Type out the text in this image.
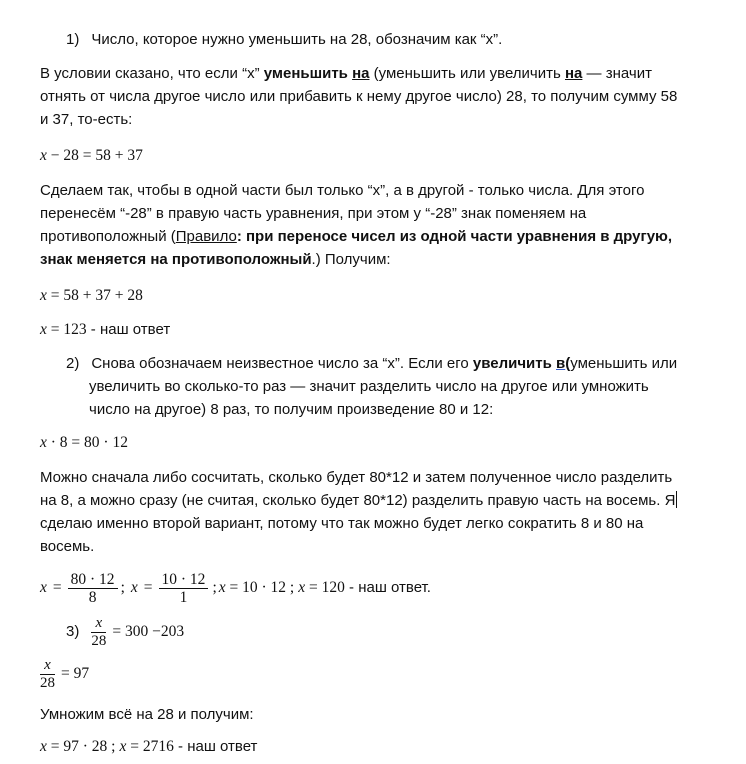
1) Число, которое нужно уменьшить на 28, обозначим как “x”.
В условии сказано, что если “x” уменьшить на (уменьшить или увеличить на — значит
отнять от числа другое число или прибавить к нему другое число) 28, то получим сумму 58
и 37, то-есть:
x − 28 = 58 + 37
Сделаем так, чтобы в одной части был только “x”, а в другой - только числа. Для этого
перенесём “-28” в правую часть уравнения, при этом у “-28” знак поменяем на
противоположный (Правило: при переносе чисел из одной части уравнения в другую,
знак меняется на противоположный.) Получим:
x = 58 + 37 + 28
x = 123 - наш ответ
2) Снова обозначаем неизвестное число за “x”. Если его увеличить в(уменьшить или
увеличить во сколько-то раз — значит разделить число на другое или умножить
число на другое) 8 раз, то получим произведение 80 и 12:
x · 8 = 80 · 12
Можно сначала либо сосчитать, сколько будет 80*12 и затем полученное число разделить
на 8, а можно сразу (не считая, сколько будет 80*12) разделить правую часть на восемь. Я
сделаю именно второй вариант, потому что так можно будет легко сократить 8 и 80 на
восемь.
$x = \frac{80 \cdot 12}{8}$ ; $x = \frac{10 \cdot 12}{1}$ ; x = 10 · 12 ; x = 120 - наш ответ.
$3) \frac{x}{28} = 300 -203$
$\frac{x}{28} = 97$
Умножим всё на 28 и получим:
x = 97 · 28 ; x = 2716 - наш ответ
